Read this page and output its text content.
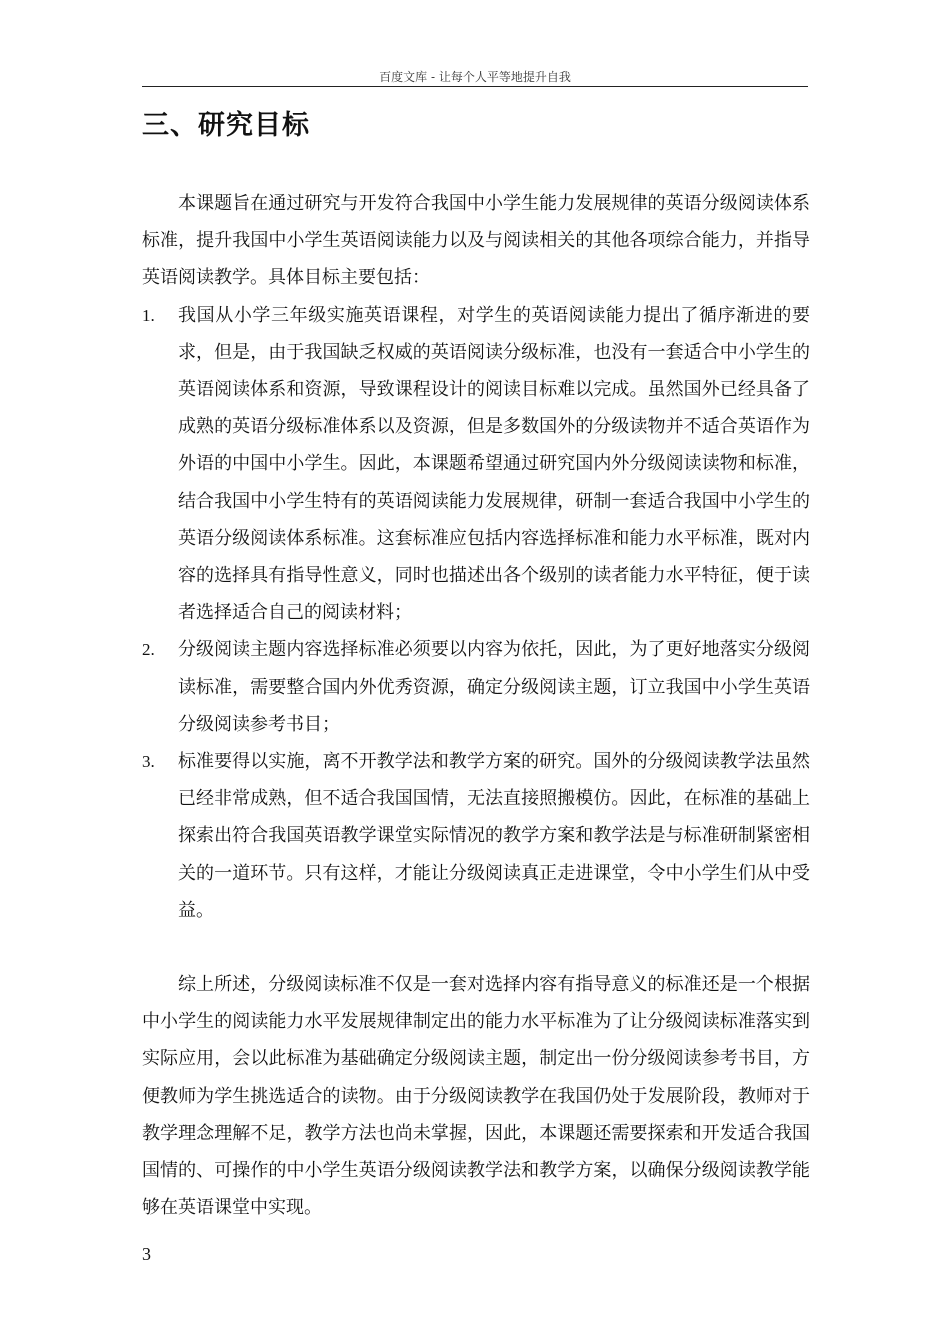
百度文库 - 让每个人平等地提升自我
三、研究目标

本课题旨在通过研究与开发符合我国中小学生能力发展规律的英语分级阅读体系标准，提升我国中小学生英语阅读能力以及与阅读相关的其他各项综合能力，并指导英语阅读教学。具体目标主要包括：

1. 我国从小学三年级实施英语课程，对学生的英语阅读能力提出了循序渐进的要求，但是，由于我国缺乏权威的英语阅读分级标准，也没有一套适合中小学生的英语阅读体系和资源，导致课程设计的阅读目标难以完成。虽然国外已经具备了成熟的英语分级标准体系以及资源，但是多数国外的分级读物并不适合英语作为外语的中国中小学生。因此，本课题希望通过研究国内外分级阅读读物和标准，结合我国中小学生特有的英语阅读能力发展规律，研制一套适合我国中小学生的英语分级阅读体系标准。这套标准应包括内容选择标准和能力水平标准，既对内容的选择具有指导性意义，同时也描述出各个级别的读者能力水平特征，便于读者选择适合自己的阅读材料；
2. 分级阅读主题内容选择标准必须要以内容为依托，因此，为了更好地落实分级阅读标准，需要整合国内外优秀资源，确定分级阅读主题，订立我国中小学生英语分级阅读参考书目；
3. 标准要得以实施，离不开教学法和教学方案的研究。国外的分级阅读教学法虽然已经非常成熟，但不适合我国国情，无法直接照搬模仿。因此，在标准的基础上探索出符合我国英语教学课堂实际情况的教学方案和教学法是与标准研制紧密相关的一道环节。只有这样，才能让分级阅读真正走进课堂，令中小学生们从中受益。

综上所述，分级阅读标准不仅是一套对选择内容有指导意义的标准还是一个根据中小学生的阅读能力水平发展规律制定出的能力水平标准为了让分级阅读标准落实到实际应用，会以此标准为基础确定分级阅读主题，制定出一份分级阅读参考书目，方便教师为学生挑选适合的读物。由于分级阅读教学在我国仍处于发展阶段，教师对于教学理念理解不足，教学方法也尚未掌握，因此，本课题还需要探索和开发适合我国国情的、可操作的中小学生英语分级阅读教学法和教学方案，以确保分级阅读教学能够在英语课堂中实现。

3
